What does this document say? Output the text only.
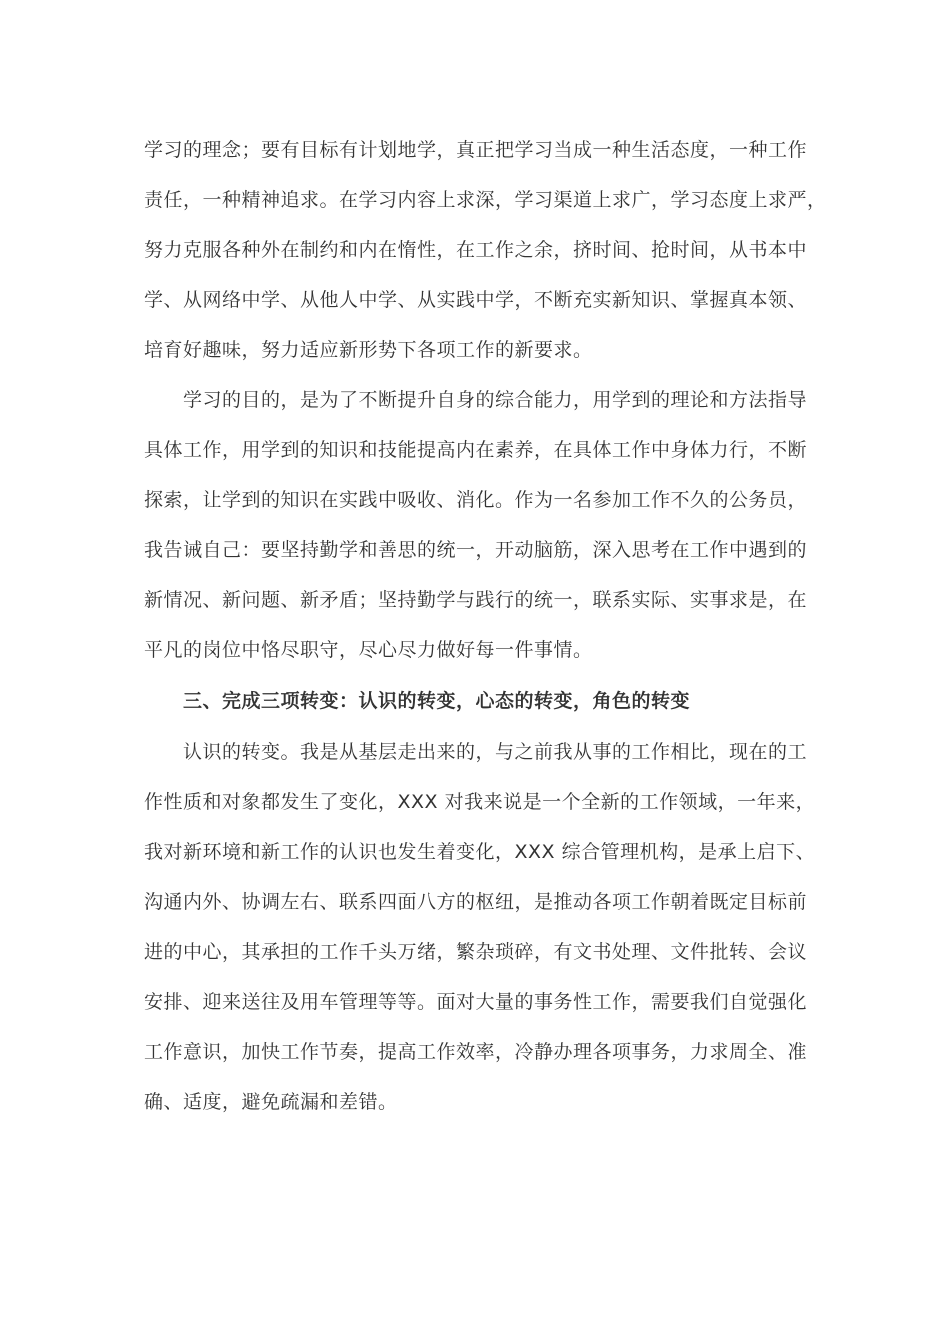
学习的理念；要有目标有计划地学，真正把学习当成一种生活态度，一种工作
责任，一种精神追求。在学习内容上求深，学习渠道上求广，学习态度上求严，
努力克服各种外在制约和内在惰性，在工作之余，挤时间、抢时间，从书本中
学、从网络中学、从他人中学、从实践中学，不断充实新知识、掌握真本领、
培育好趣味，努力适应新形势下各项工作的新要求。
学习的目的，是为了不断提升自身的综合能力，用学到的理论和方法指导
具体工作，用学到的知识和技能提高内在素养，在具体工作中身体力行，不断
探索，让学到的知识在实践中吸收、消化。作为一名参加工作不久的公务员，
我告诫自己：要坚持勤学和善思的统一，开动脑筋，深入思考在工作中遇到的
新情况、新问题、新矛盾；坚持勤学与践行的统一，联系实际、实事求是，在
平凡的岗位中恪尽职守，尽心尽力做好每一件事情。
三、完成三项转变：认识的转变，心态的转变，角色的转变
认识的转变。我是从基层走出来的，与之前我从事的工作相比，现在的工
作性质和对象都发生了变化，XXX 对我来说是一个全新的工作领域，一年来，
我对新环境和新工作的认识也发生着变化，XXX 综合管理机构，是承上启下、
沟通内外、协调左右、联系四面八方的枢纽，是推动各项工作朝着既定目标前
进的中心，其承担的工作千头万绪，繁杂琐碎，有文书处理、文件批转、会议
安排、迎来送往及用车管理等等。面对大量的事务性工作，需要我们自觉强化
工作意识，加快工作节奏，提高工作效率，冷静办理各项事务，力求周全、准
确、适度，避免疏漏和差错。
